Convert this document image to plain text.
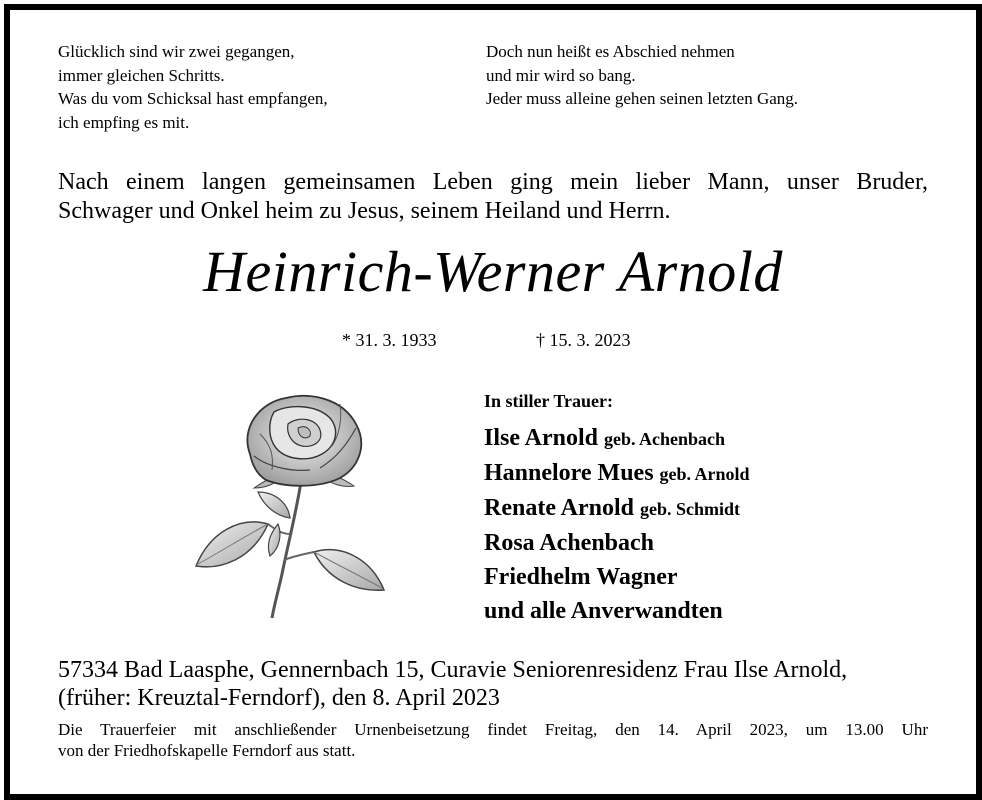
Glücklich sind wir zwei gegangen,
immer gleichen Schritts.
Was du vom Schicksal hast empfangen,
ich empfing es mit.
Doch nun heißt es Abschied nehmen
und mir wird so bang.
Jeder muss alleine gehen seinen letzten Gang.
Nach einem langen gemeinsamen Leben ging mein lieber Mann, unser Bruder,
Schwager und Onkel heim zu Jesus, seinem Heiland und Herrn.
Heinrich-Werner Arnold
* 31. 3. 1933	† 15. 3. 2023
In stiller Trauer:
Ilse Arnold geb. Achenbach
Hannelore Mues geb. Arnold
Renate Arnold geb. Schmidt
Rosa Achenbach
Friedhelm Wagner
und alle Anverwandten
57334 Bad Laasphe, Gennernbach 15, Curavie Seniorenresidenz Frau Ilse Arnold,
(früher: Kreuztal-Ferndorf), den 8. April 2023
Die Trauerfeier mit anschließender Urnenbeisetzung findet Freitag, den 14. April 2023, um 13.00 Uhr
von der Friedhofskapelle Ferndorf aus statt.
